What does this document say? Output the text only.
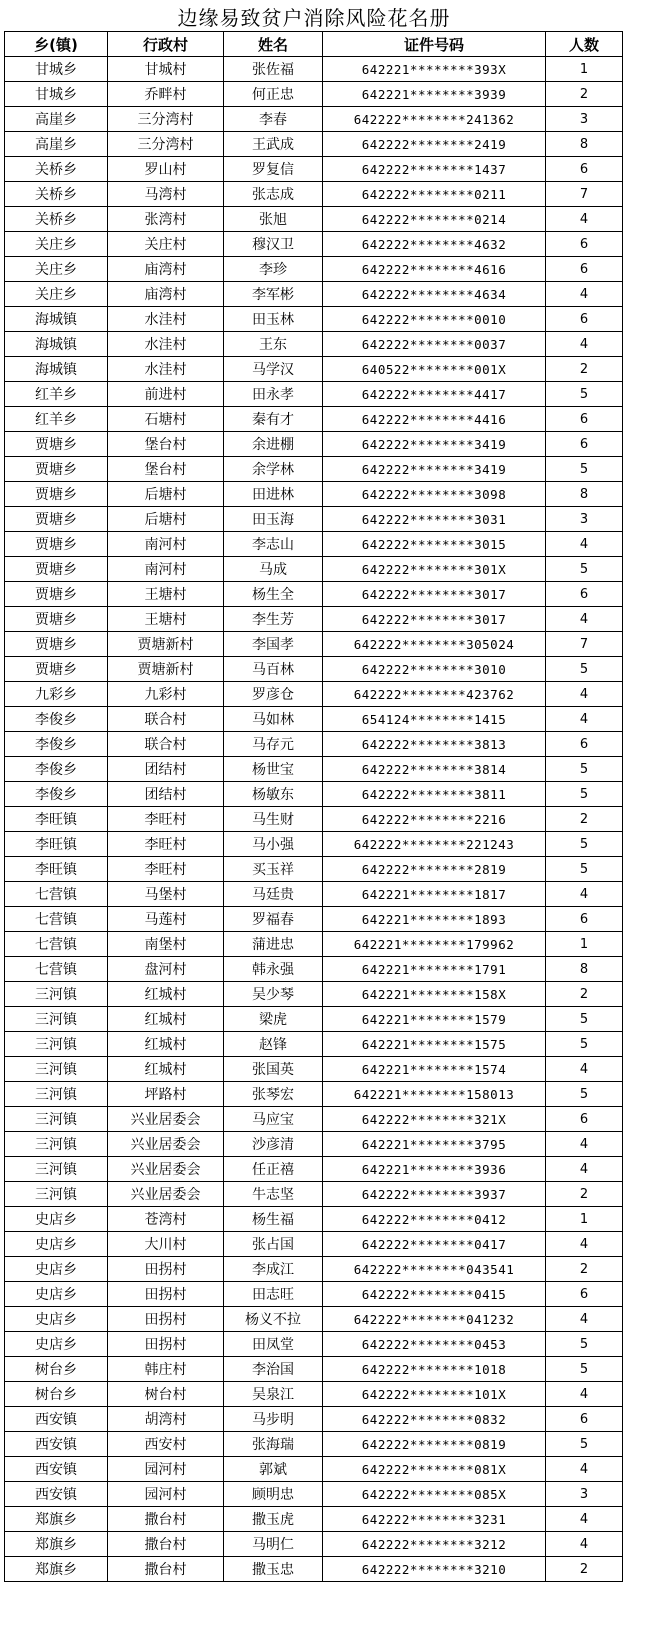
边缘易致贫户消除风险花名册
乡(镇)	行政村	姓名	证件号码	人数
甘城乡	甘城村	张佐福	642221********393X	1
甘城乡	乔畔村	何正忠	642221********3939	2
高崖乡	三分湾村	李春	642222********241362	3
高崖乡	三分湾村	王武成	642222********2419	8
关桥乡	罗山村	罗复信	642222********1437	6
关桥乡	马湾村	张志成	642222********0211	7
关桥乡	张湾村	张旭	642222********0214	4
关庄乡	关庄村	穆汉卫	642222********4632	6
关庄乡	庙湾村	李珍	642222********4616	6
关庄乡	庙湾村	李军彬	642222********4634	4
海城镇	水洼村	田玉林	642222********0010	6
海城镇	水洼村	王东	642222********0037	4
海城镇	水洼村	马学汉	640522********001X	2
红羊乡	前进村	田永孝	642222********4417	5
红羊乡	石塘村	秦有才	642222********4416	6
贾塘乡	堡台村	余进棚	642222********3419	6
贾塘乡	堡台村	余学林	642222********3419	5
贾塘乡	后塘村	田进林	642222********3098	8
贾塘乡	后塘村	田玉海	642222********3031	3
贾塘乡	南河村	李志山	642222********3015	4
贾塘乡	南河村	马成	642222********301X	5
贾塘乡	王塘村	杨生全	642222********3017	6
贾塘乡	王塘村	李生芳	642222********3017	4
贾塘乡	贾塘新村	李国孝	642222********305024	7
贾塘乡	贾塘新村	马百林	642222********3010	5
九彩乡	九彩村	罗彦仓	642222********423762	4
李俊乡	联合村	马如林	654124********1415	4
李俊乡	联合村	马存元	642222********3813	6
李俊乡	团结村	杨世宝	642222********3814	5
李俊乡	团结村	杨敏东	642222********3811	5
李旺镇	李旺村	马生财	642222********2216	2
李旺镇	李旺村	马小强	642222********221243	5
李旺镇	李旺村	买玉祥	642222********2819	5
七营镇	马堡村	马廷贵	642221********1817	4
七营镇	马莲村	罗福春	642221********1893	6
七营镇	南堡村	蒲进忠	642221********179962	1
七营镇	盘河村	韩永强	642221********1791	8
三河镇	红城村	吴少琴	642221********158X	2
三河镇	红城村	梁虎	642221********1579	5
三河镇	红城村	赵锋	642221********1575	5
三河镇	红城村	张国英	642221********1574	4
三河镇	坪路村	张琴宏	642221********158013	5
三河镇	兴业居委会	马应宝	642222********321X	6
三河镇	兴业居委会	沙彦清	642221********3795	4
三河镇	兴业居委会	任正禧	642221********3936	4
三河镇	兴业居委会	牛志坚	642222********3937	2
史店乡	苍湾村	杨生福	642222********0412	1
史店乡	大川村	张占国	642222********0417	4
史店乡	田拐村	李成江	642222********043541	2
史店乡	田拐村	田志旺	642222********0415	6
史店乡	田拐村	杨义不拉	642222********041232	4
史店乡	田拐村	田凤堂	642222********0453	5
树台乡	韩庄村	李治国	642222********1018	5
树台乡	树台村	吴泉江	642222********101X	4
西安镇	胡湾村	马步明	642222********0832	6
西安镇	西安村	张海瑞	642222********0819	5
西安镇	园河村	郭斌	642222********081X	4
西安镇	园河村	顾明忠	642222********085X	3
郑旗乡	撒台村	撒玉虎	642222********3231	4
郑旗乡	撒台村	马明仁	642222********3212	4
郑旗乡	撒台村	撒玉忠	642222********3210	2
